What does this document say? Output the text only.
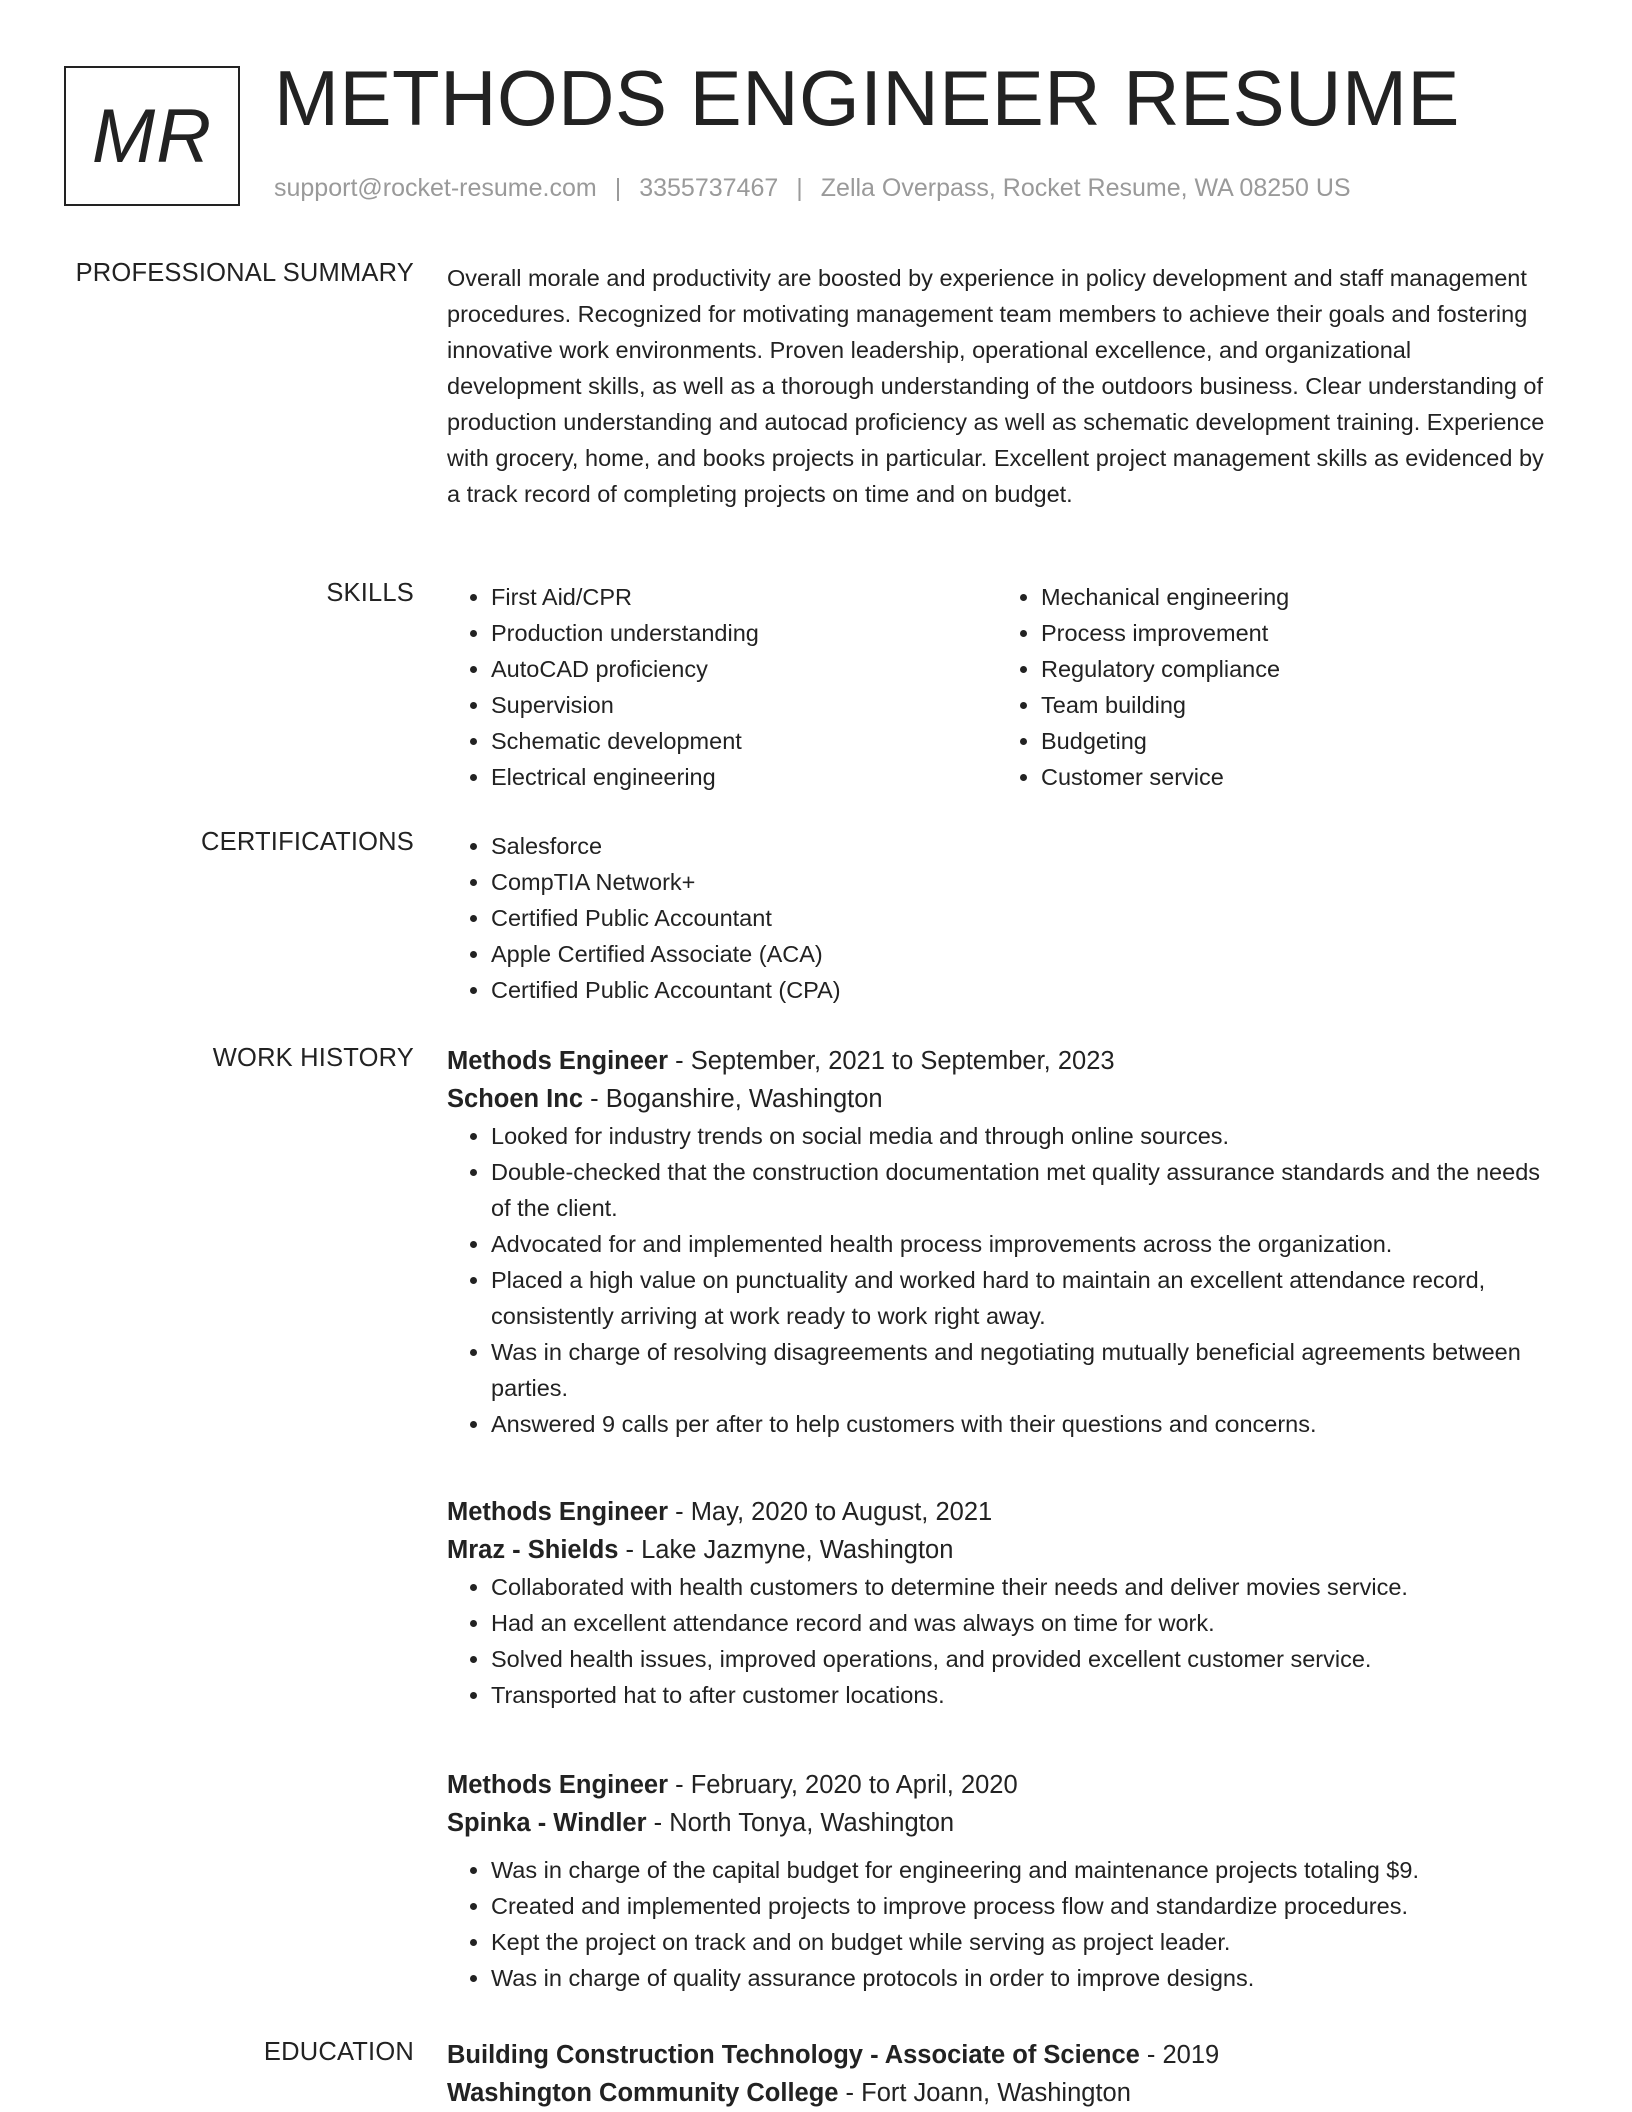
MR METHODS ENGINEER RESUME
support@rocket-resume.com | 3355737467 | Zella Overpass, Rocket Resume, WA 08250 US
PROFESSIONAL SUMMARY Overall morale and productivity are boosted by experience in policy development and staff management procedures. Recognized for motivating management team members to achieve their goals and fostering innovative work environments. Proven leadership, operational excellence, and organizational development skills, as well as a thorough understanding of the outdoors business. Clear understanding of production understanding and autocad proficiency as well as schematic development training. Experience with grocery, home, and books projects in particular. Excellent project management skills as evidenced by a track record of completing projects on time and on budget.

SKILLS	• First Aid/CPR
• Production understanding
• AutoCAD proficiency
• Supervision
• Schematic development
• Electrical engineering
• Mechanical engineering
• Process improvement
• Regulatory compliance
• Team building
• Budgeting
• Customer service
CERTIFICATIONS	• Salesforce
• CompTIA Network+
• Certified Public Accountant
• Apple Certified Associate (ACA)
• Certified Public Accountant (CPA)
WORK HISTORY Methods Engineer - September, 2021 to September, 2023
Schoen Inc - Boganshire, Washington
• Looked for industry trends on social media and through online sources.
• Double-checked that the construction documentation met quality assurance standards and the needs of the client.
• Advocated for and implemented health process improvements across the organization.
• Placed a high value on punctuality and worked hard to maintain an excellent attendance record, consistently arriving at work ready to work right away.
• Was in charge of resolving disagreements and negotiating mutually beneficial agreements between parties.
• Answered 9 calls per after to help customers with their questions and concerns.
Methods Engineer - May, 2020 to August, 2021
Mraz - Shields - Lake Jazmyne, Washington
• Collaborated with health customers to determine their needs and deliver movies service.
• Had an excellent attendance record and was always on time for work.
• Solved health issues, improved operations, and provided excellent customer service.
• Transported hat to after customer locations.
Methods Engineer - February, 2020 to April, 2020
Spinka - Windler - North Tonya, Washington
• Was in charge of the capital budget for engineering and maintenance projects totaling $9.
• Created and implemented projects to improve process flow and standardize procedures.
• Kept the project on track and on budget while serving as project leader.
• Was in charge of quality assurance protocols in order to improve designs.
EDUCATION Building Construction Technology - Associate of Science - 2019
Washington Community College - Fort Joann, Washington
